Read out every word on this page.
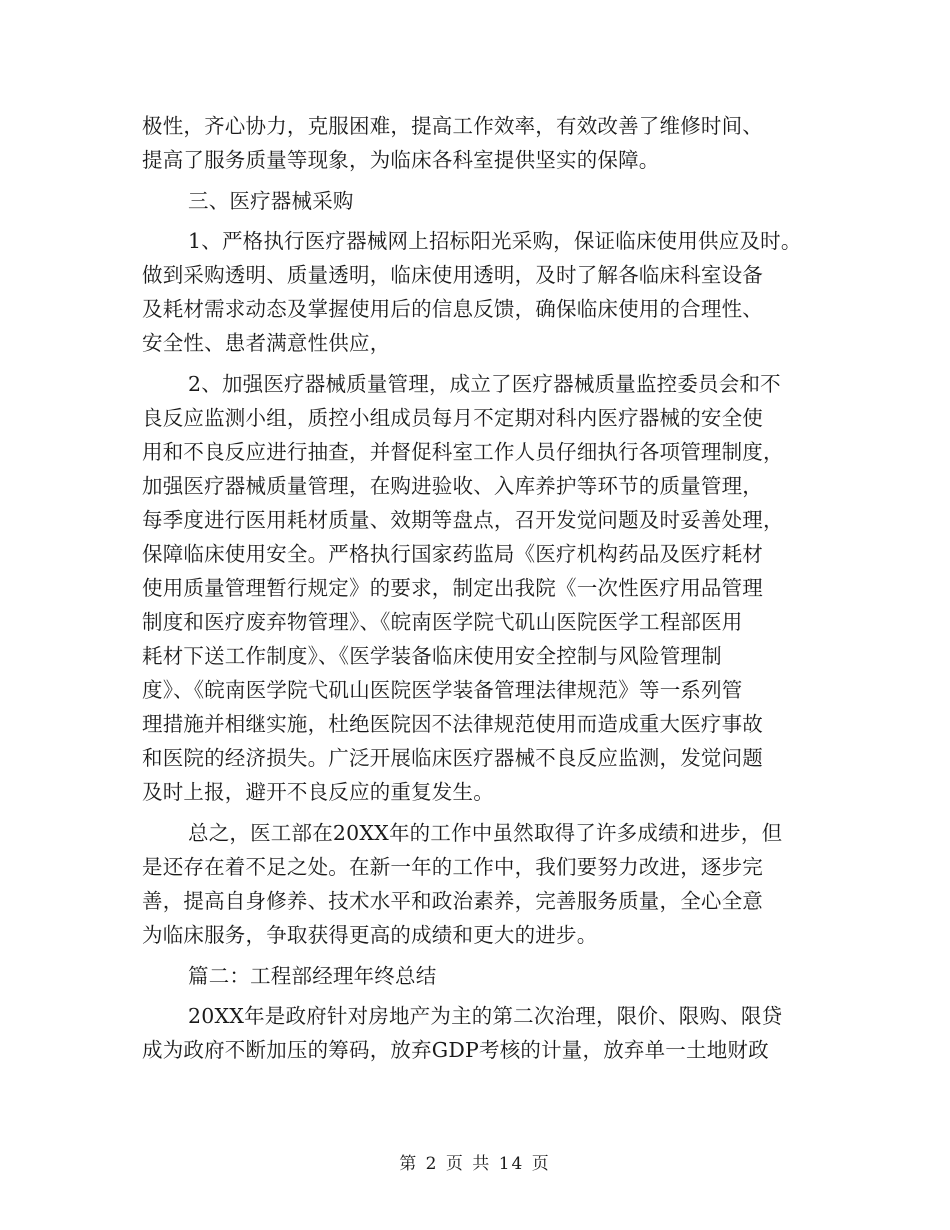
极性，齐心协力，克服困难，提高工作效率，有效改善了维修时间、
提高了服务质量等现象，为临床各科室提供坚实的保障。
三、医疗器械采购
1、严格执行医疗器械网上招标阳光采购，保证临床使用供应及时。
做到采购透明、质量透明，临床使用透明，及时了解各临床科室设备
及耗材需求动态及掌握使用后的信息反馈，确保临床使用的合理性、
安全性、患者满意性供应，
2、加强医疗器械质量管理，成立了医疗器械质量监控委员会和不
良反应监测小组，质控小组成员每月不定期对科内医疗器械的安全使
用和不良反应进行抽查，并督促科室工作人员仔细执行各项管理制度，
加强医疗器械质量管理，在购进验收、入库养护等环节的质量管理，
每季度进行医用耗材质量、效期等盘点，召开发觉问题及时妥善处理，
保障临床使用安全。严格执行国家药监局《医疗机构药品及医疗耗材
使用质量管理暂行规定》的要求，制定出我院《一次性医疗用品管理
制度和医疗废弃物管理》、《皖南医学院弋矶山医院医学工程部医用
耗材下送工作制度》、《医学装备临床使用安全控制与风险管理制
度》、《皖南医学院弋矶山医院医学装备管理法律规范》等一系列管
理措施并相继实施，杜绝医院因不法律规范使用而造成重大医疗事故
和医院的经济损失。广泛开展临床医疗器械不良反应监测，发觉问题
及时上报，避开不良反应的重复发生。
总之，医工部在20XX年的工作中虽然取得了许多成绩和进步，但
是还存在着不足之处。在新一年的工作中，我们要努力改进，逐步完
善，提高自身修养、技术水平和政治素养，完善服务质量，全心全意
为临床服务，争取获得更高的成绩和更大的进步。
篇二：工程部经理年终总结
20XX年是政府针对房地产为主的第二次治理，限价、限购、限贷
成为政府不断加压的筹码，放弃GDP考核的计量，放弃单一土地财政
第 2 页 共 14 页
